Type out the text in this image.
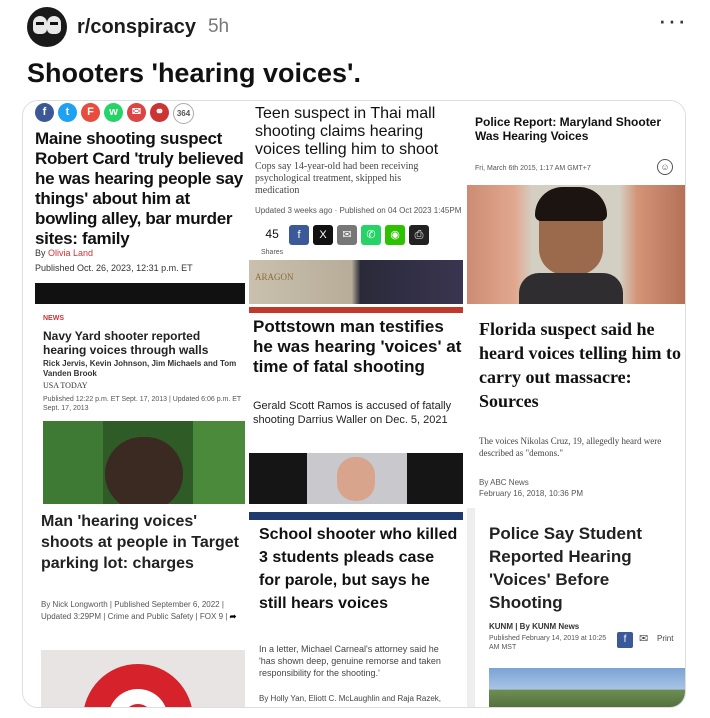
r/conspiracy 5h	···
Shooters 'hearing voices'.
f	t	F	w	✉	⚭	364
Maine shooting suspect Robert Card 'truly believed he was hearing people say things' about him at bowling alley, bar murder sites: family
By Olivia Land
Published Oct. 26, 2023, 12:31 p.m. ET
Teen suspect in Thai mall shooting claims hearing voices telling him to shoot
Cops say 14-year-old had been receiving psychological treatment, skipped his medication
Updated 3 weeks ago · Published on 04 Oct 2023 1:45PM
45
Shares
f	X	✉	✆	◉	⎙
ARAGON
Police Report: Maryland Shooter Was Hearing Voices
Fri, March 6th 2015, 1:17 AM GMT+7	☺
NEWS
Navy Yard shooter reported hearing voices through walls
Rick Jervis, Kevin Johnson, Jim Michaels and Tom Vanden Brook
USA TODAY
Published 12:22 p.m. ET Sept. 17, 2013 | Updated 6:06 p.m. ET Sept. 17, 2013
Pottstown man testifies he was hearing 'voices' at time of fatal shooting
Gerald Scott Ramos is accused of fatally shooting Darrius Waller on Dec. 5, 2021
Florida suspect said he heard voices telling him to carry out massacre: Sources
The voices Nikolas Cruz, 19, allegedly heard were described as "demons."
By ABC News
February 16, 2018, 10:36 PM
Man 'hearing voices' shoots at people in Target parking lot: charges
By Nick Longworth | Published September 6, 2022 | Updated 3:29PM | Crime and Public Safety | FOX 9 | ➦
School shooter who killed 3 students pleads case for parole, but says he still hears voices
In a letter, Michael Carneal's attorney said he 'has shown deep, genuine remorse and taken responsibility for the shooting.'
By Holly Yan, Eliott C. McLaughlin and Raja Razek,
Police Say Student Reported Hearing 'Voices' Before Shooting
KUNM | By KUNM News
Published February 14, 2019 at 10:25 AM MST
f	✉ Print
